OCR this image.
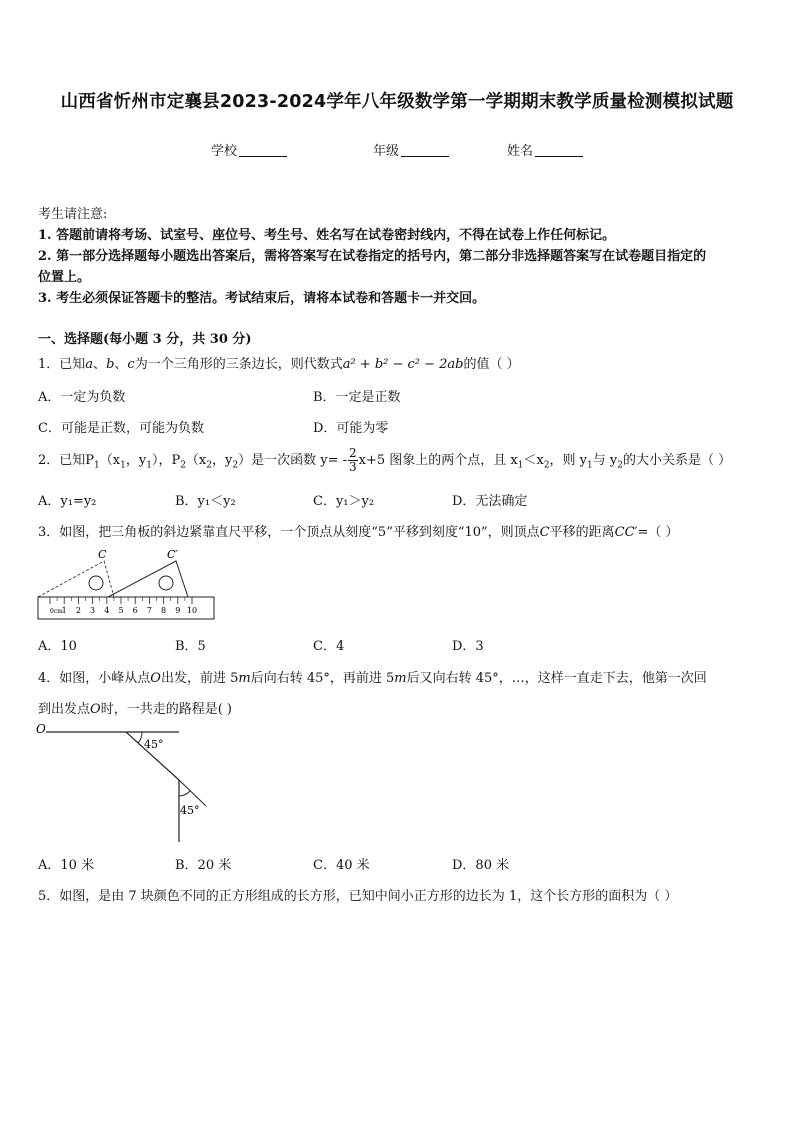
山西省忻州市定襄县2023-2024学年八年级数学第一学期期末教学质量检测模拟试题
学校	年级	姓名
考生请注意:
1. 答题前请将考场、试室号、座位号、考生号、姓名写在试卷密封线内，不得在试卷上作任何标记。
2. 第一部分选择题每小题选出答案后，需将答案写在试卷指定的括号内，第二部分非选择题答案写在试卷题目指定的
位置上。
3. 考生必须保证答题卡的整洁。考试结束后，请将本试卷和答题卡一并交回。
一、选择题(每小题 3 分，共 30 分)
1．已知a、b、c为一个三角形的三条边长，则代数式a² + b² − c² − 2ab的值（ ）
A．一定为负数	B．一定是正数
C．可能是正数，可能为负数	D．可能为零
2．已知$P_1(x_1$，$y_1$），$P_2(x_2$，$y_2$）是一次函数 $y= - \frac{2}{3} x+5$ 图象上的两个点，且 $x_1<x_2$，则 $y_1$与 $y_2$的大小关系是（ ）
A．y₁=y₂	B．y₁＜y₂	C．y₁＞y₂	D．无法确定
3．如图，把三角板的斜边紧靠直尺平移，一个顶点从刻度“5”平移到刻度“10”，则顶点C平移的距离CC′=（ ）
C	C′
0cm
1 2 3 4 5 6 7 8 9 10
A．10	B．5	C．4	D．3
4．如图，小峰从点O出发，前进 5m后向右转 45°，再前进 5m后又向右转 45°，…，这样一直走下去，他第一次回
到出发点O时，一共走的路程是( )
O
45°
45°
A．10 米	B．20 米	C．40 米	D．80 米
5．如图，是由 7 块颜色不同的正方形组成的长方形，已知中间小正方形的边长为 1，这个长方形的面积为（ ）
